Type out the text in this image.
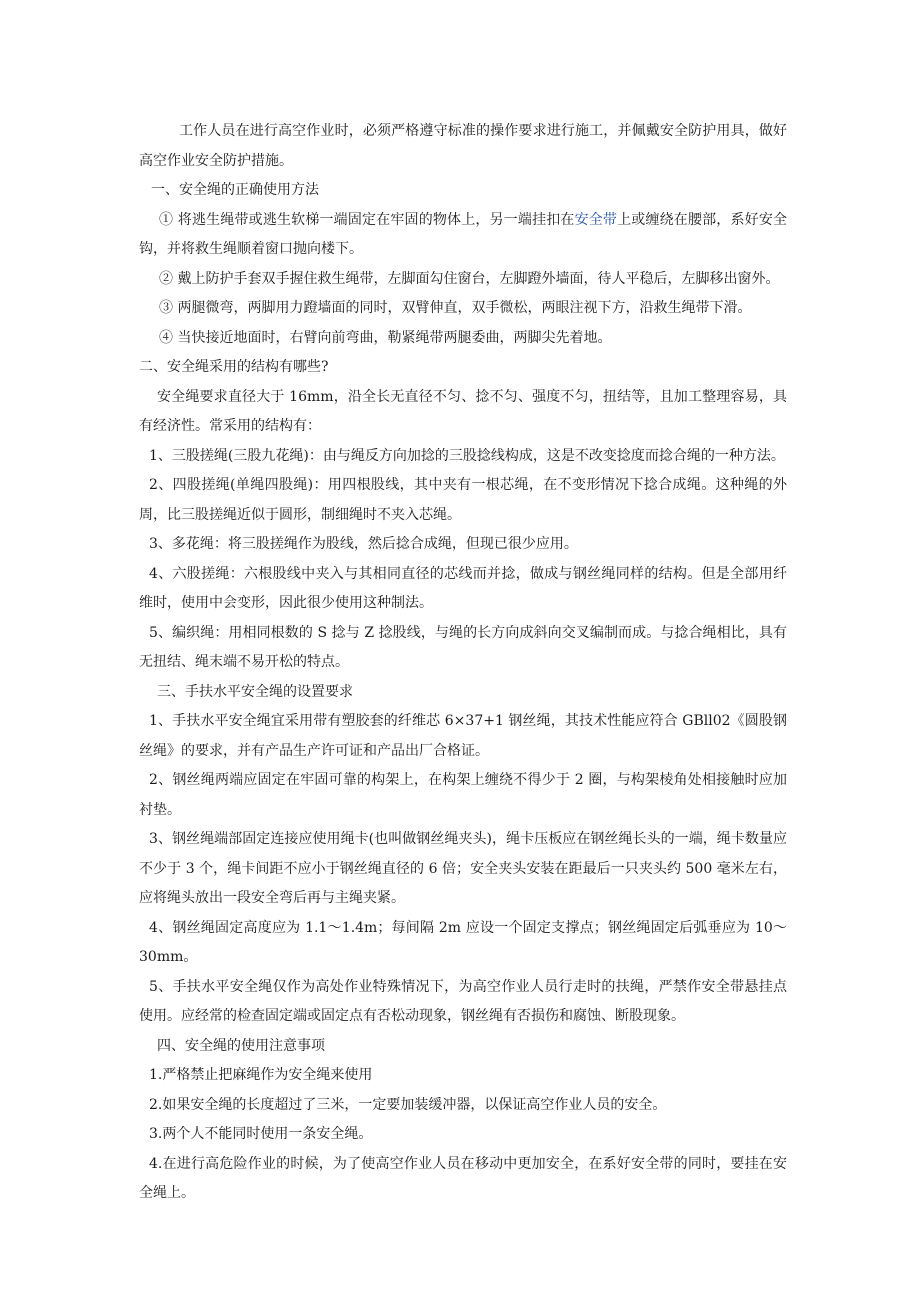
工作人员在进行高空作业时，必须严格遵守标准的操作要求进行施工，并佩戴安全防护用具，做好高空作业安全防护措施。

一、安全绳的正确使用方法

① 将逃生绳带或逃生软梯一端固定在牢固的物体上，另一端挂扣在安全带上或缠绕在腰部，系好安全钩，并将救生绳顺着窗口抛向楼下。

② 戴上防护手套双手握住救生绳带，左脚面勾住窗台，左脚蹬外墙面，待人平稳后，左脚移出窗外。

③ 两腿微弯，两脚用力蹬墙面的同时，双臂伸直，双手微松，两眼注视下方，沿救生绳带下滑。

④ 当快接近地面时，右臂向前弯曲，勒紧绳带两腿委曲，两脚尖先着地。

二、安全绳采用的结构有哪些?

安全绳要求直径大于 16mm，沿全长无直径不匀、捻不匀、强度不匀，扭结等，且加工整理容易，具有经济性。常采用的结构有：

1、三股搓绳(三股九花绳)：由与绳反方向加捻的三股捻线构成，这是不改变捻度而捻合绳的一种方法。

2、四股搓绳(单绳四股绳)：用四根股线，其中夹有一根芯绳，在不变形情况下捻合成绳。这种绳的外周，比三股搓绳近似于圆形，制细绳时不夹入芯绳。

3、多花绳：将三股搓绳作为股线，然后捻合成绳，但现已很少应用。

4、六股搓绳：六根股线中夹入与其相同直径的芯线而并捻，做成与钢丝绳同样的结构。但是全部用纤维时，使用中会变形，因此很少使用这种制法。

5、编织绳：用相同根数的 S 捻与 Z 捻股线，与绳的长方向成斜向交叉编制而成。与捻合绳相比，具有无扭结、绳末端不易开松的特点。

三、手扶水平安全绳的设置要求

1、手扶水平安全绳宜采用带有塑胶套的纤维芯 6×37+1 钢丝绳，其技术性能应符合 GBll02《圆股钢丝绳》的要求，并有产品生产许可证和产品出厂合格证。

2、钢丝绳两端应固定在牢固可靠的构架上，在构架上缠绕不得少于 2 圈，与构架棱角处相接触时应加衬垫。

3、钢丝绳端部固定连接应使用绳卡(也叫做钢丝绳夹头)，绳卡压板应在钢丝绳长头的一端，绳卡数量应不少于 3 个，绳卡间距不应小于钢丝绳直径的 6 倍；安全夹头安装在距最后一只夹头约 500 毫米左右，应将绳头放出一段安全弯后再与主绳夹紧。

4、钢丝绳固定高度应为 1.1～1.4m；每间隔 2m 应设一个固定支撑点；钢丝绳固定后弧垂应为 10～30mm。

5、手扶水平安全绳仅作为高处作业特殊情况下，为高空作业人员行走时的扶绳，严禁作安全带悬挂点使用。应经常的检查固定端或固定点有否松动现象，钢丝绳有否损伤和腐蚀、断股现象。

四、安全绳的使用注意事项

1.严格禁止把麻绳作为安全绳来使用

2.如果安全绳的长度超过了三米，一定要加装缓冲器，以保证高空作业人员的安全。

3.两个人不能同时使用一条安全绳。

4.在进行高危险作业的时候，为了使高空作业人员在移动中更加安全，在系好安全带的同时，要挂在安全绳上。
